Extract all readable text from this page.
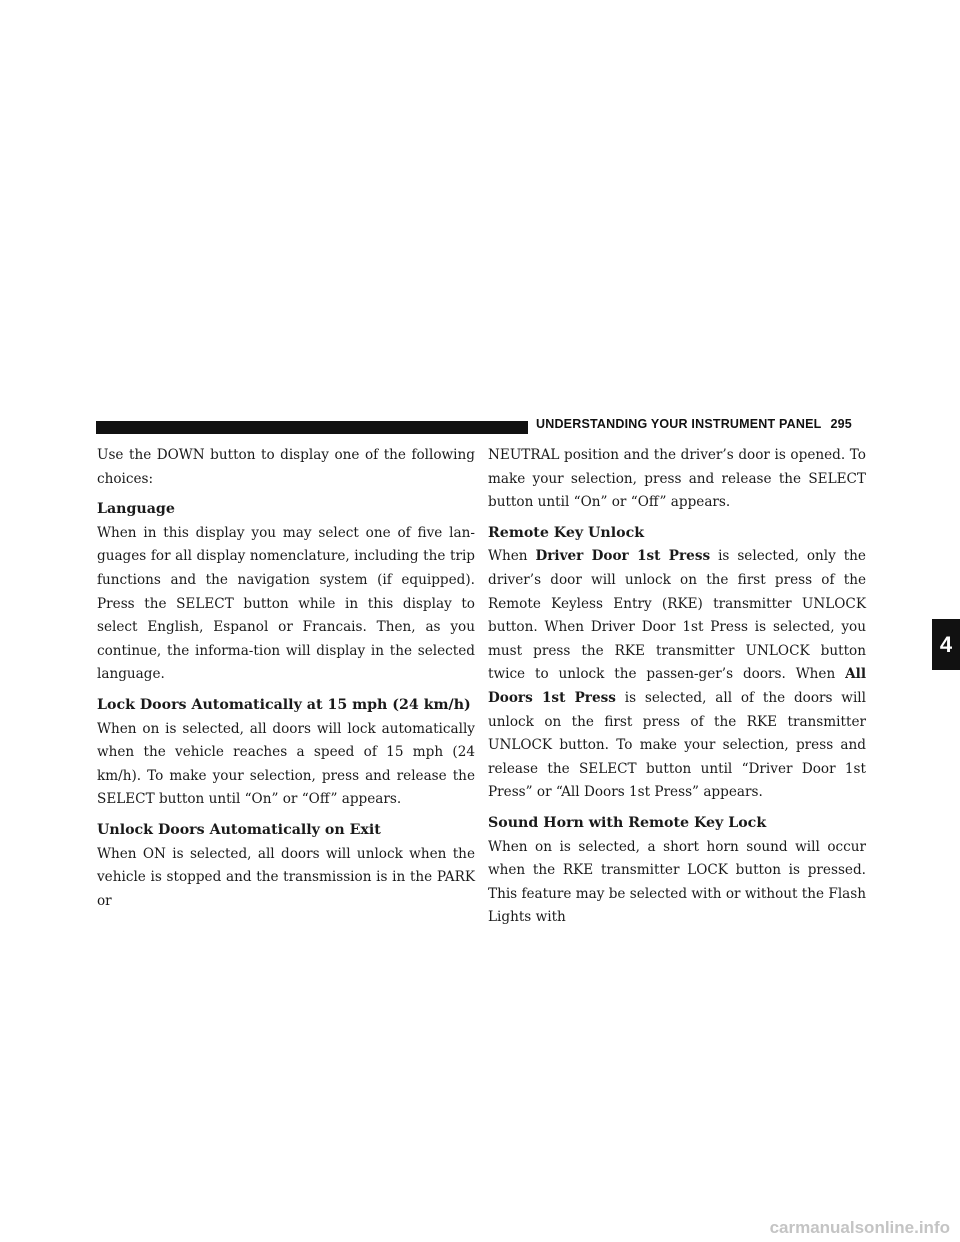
UNDERSTANDING YOUR INSTRUMENT PANEL 295

Use the DOWN button to display one of the following choices:

Language

When in this display you may select one of five lan-guages for all display nomenclature, including the trip functions and the navigation system (if equipped). Press the SELECT button while in this display to select English, Espanol or Francais. Then, as you continue, the informa-tion will display in the selected language.

Lock Doors Automatically at 15 mph (24 km/h)

When on is selected, all doors will lock automatically when the vehicle reaches a speed of 15 mph (24 km/h). To make your selection, press and release the SELECT button until “On” or “Off” appears.

Unlock Doors Automatically on Exit

When ON is selected, all doors will unlock when the vehicle is stopped and the transmission is in the PARK or

NEUTRAL position and the driver’s door is opened. To make your selection, press and release the SELECT button until “On” or “Off” appears.

Remote Key Unlock

When Driver Door 1st Press is selected, only the driver’s door will unlock on the first press of the Remote Keyless Entry (RKE) transmitter UNLOCK button. When Driver Door 1st Press is selected, you must press the RKE transmitter UNLOCK button twice to unlock the passen-ger’s doors. When All Doors 1st Press is selected, all of the doors will unlock on the first press of the RKE transmitter UNLOCK button. To make your selection, press and release the SELECT button until “Driver Door 1st Press” or “All Doors 1st Press” appears.

Sound Horn with Remote Key Lock

When on is selected, a short horn sound will occur when the RKE transmitter LOCK button is pressed. This feature may be selected with or without the Flash Lights with

4
carmanualsonline.info
